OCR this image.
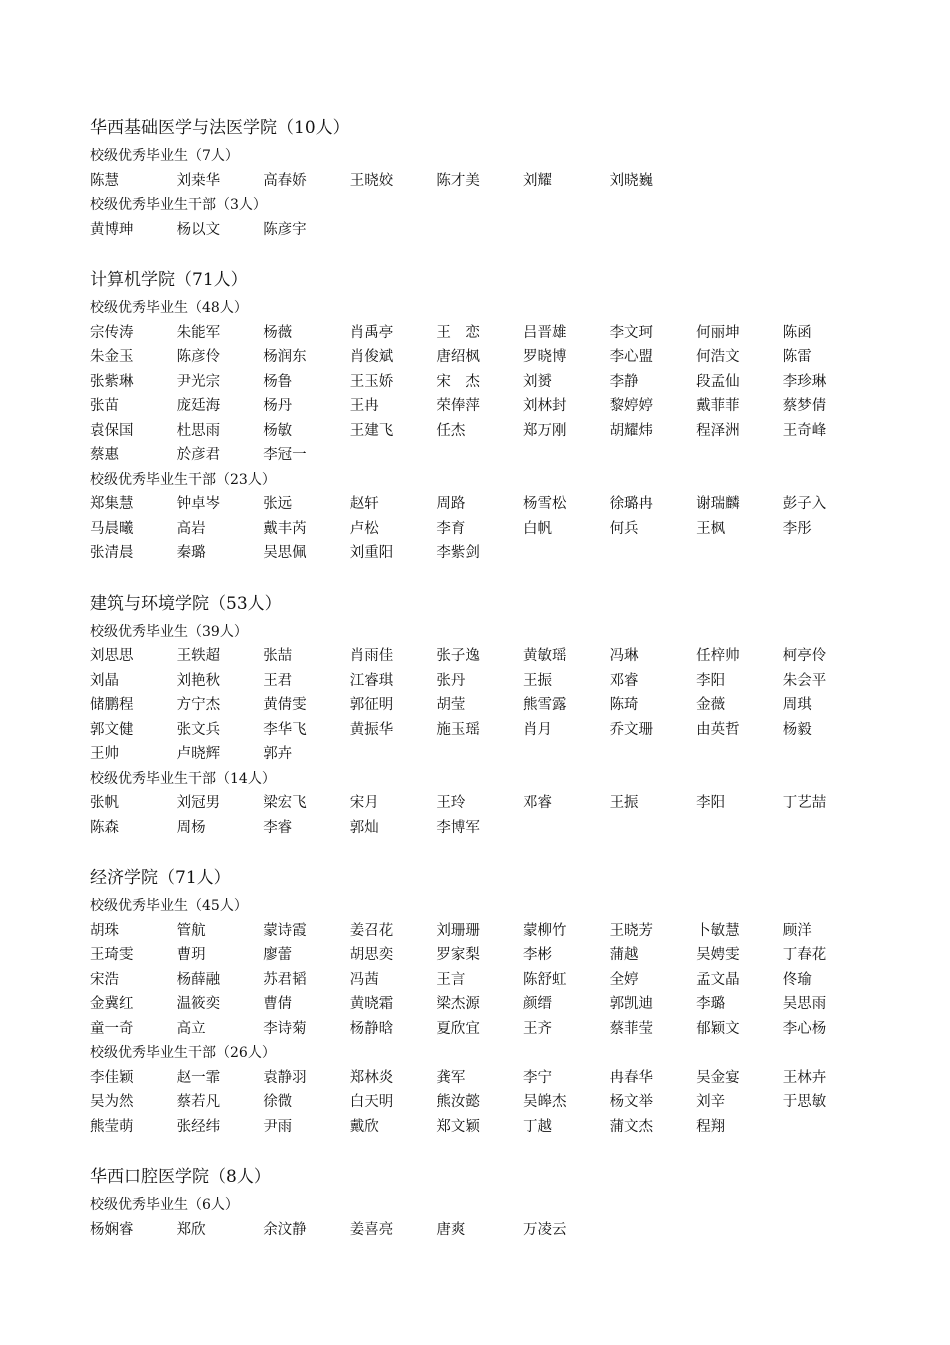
华西基础医学与法医学院（10人）
校级优秀毕业生（7人）
陈慧	刘桒华	高春娇	王晓姣	陈才美	刘耀	刘晓巍
校级优秀毕业生干部（3人）
黄博珅	杨以文	陈彦宇
计算机学院（71人）
校级优秀毕业生（48人）
宗传涛	朱能军	杨薇	肖禹亭	王　恋	吕晋雄	李文珂	何丽坤	陈函
朱金玉	陈彦伶	杨润东	肖俊斌	唐绍枫	罗晓博	李心盟	何浩文	陈雷
张紫琳	尹光宗	杨鲁	王玉娇	宋　杰	刘赟	李静	段孟仙	李珍琳
张苗	庞廷海	杨丹	王冉	荣俸萍	刘林封	黎婷婷	戴菲菲	蔡梦倩
袁保国	杜思雨	杨敏	王建飞	任杰	郑万刚	胡耀炜	程泽洲	王奇峰
蔡惠	於彦君	李冠一
校级优秀毕业生干部（23人）
郑集慧	钟卓岑	张远	赵轩	周路	杨雪松	徐璐冉	谢瑞麟	彭子入
马晨曦	高岩	戴丰芮	卢松	李育	白帆	何兵	王枫	李彤
张清晨	秦璐	吴思佩	刘重阳	李紫剑
建筑与环境学院（53人）
校级优秀毕业生（39人）
刘思思	王轶超	张喆	肖雨佳	张子逸	黄敏瑶	冯琳	任梓帅	柯亭伶
刘晶	刘艳秋	王君	江睿琪	张丹	王振	邓睿	李阳	朱会平
储鹏程	方宁杰	黄倩雯	郭征明	胡莹	熊雪露	陈琦	金薇	周琪
郭文健	张文兵	李华飞	黄振华	施玉瑶	肖月	乔文珊	由英哲	杨毅
王帅	卢晓辉	郭卉
校级优秀毕业生干部（14人）
张帆	刘冠男	梁宏飞	宋月	王玲	邓睿	王振	李阳	丁艺喆
陈森	周杨	李睿	郭灿	李博军
经济学院（71人）
校级优秀毕业生（45人）
胡珠	管航	蒙诗霞	姜召花	刘珊珊	蒙柳竹	王晓芳	卜敏慧	顾洋
王琦雯	曹玥	廖蕾	胡思奕	罗家梨	李彬	蒲越	吴娉雯	丁春花
宋浩	杨薛融	苏君韬	冯茜	王言	陈舒虹	全婷	孟文晶	佟瑜
金冀红	温筱奕	曹倩	黄晓霜	梁杰源	颜缙	郭凯迪	李璐	吴思雨
童一奇	高立	李诗菊	杨静晗	夏欣宜	王齐	蔡菲莹	郁颖文	李心杨
校级优秀毕业生干部（26人）
李佳颖	赵一霏	袁静羽	郑林炎	龚军	李宁	冉春华	吴金宴	王林卉
吴为然	蔡若凡	徐微	白天明	熊汝懿	吴皞杰	杨文举	刘辛	于思敏
熊莹萌	张经纬	尹雨	戴欣	郑文颖	丁越	蒲文杰	程翔
华西口腔医学院（8人）
校级优秀毕业生（6人）
杨娴睿	郑欣	余汶静	姜喜亮	唐爽	万凌云
